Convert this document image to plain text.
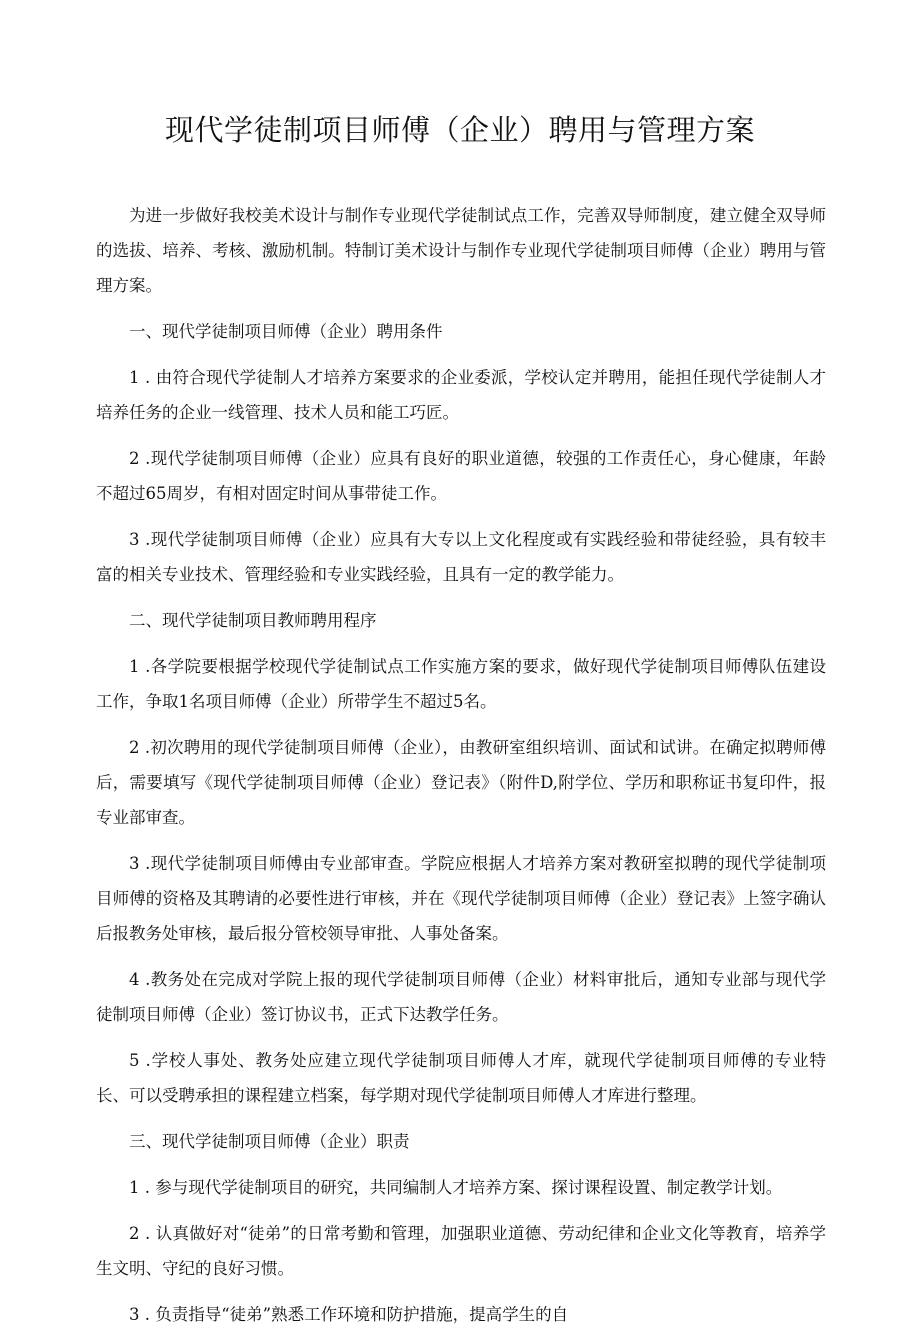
现代学徒制项目师傅（企业）聘用与管理方案

为进一步做好我校美术设计与制作专业现代学徒制试点工作，完善双导师制度，建立健全双导师的选拔、培养、考核、激励机制。特制订美术设计与制作专业现代学徒制项目师傅（企业）聘用与管理方案。

一、现代学徒制项目师傅（企业）聘用条件

1 . 由符合现代学徒制人才培养方案要求的企业委派，学校认定并聘用，能担任现代学徒制人才培养任务的企业一线管理、技术人员和能工巧匠。

2 .现代学徒制项目师傅（企业）应具有良好的职业道德，较强的工作责任心，身心健康，年龄不超过65周岁，有相对固定时间从事带徒工作。

3 .现代学徒制项目师傅（企业）应具有大专以上文化程度或有实践经验和带徒经验，具有较丰富的相关专业技术、管理经验和专业实践经验，且具有一定的教学能力。

二、现代学徒制项目教师聘用程序

1 .各学院要根据学校现代学徒制试点工作实施方案的要求，做好现代学徒制项目师傅队伍建设工作，争取1名项目师傅（企业）所带学生不超过5名。

2 .初次聘用的现代学徒制项目师傅（企业），由教研室组织培训、面试和试讲。在确定拟聘师傅后，需要填写《现代学徒制项目师傅（企业）登记表》（附件D,附学位、学历和职称证书复印件，报专业部审查。

3 .现代学徒制项目师傅由专业部审查。学院应根据人才培养方案对教研室拟聘的现代学徒制项目师傅的资格及其聘请的必要性进行审核，并在《现代学徒制项目师傅（企业）登记表》上签字确认后报教务处审核，最后报分管校领导审批、人事处备案。

4 .教务处在完成对学院上报的现代学徒制项目师傅（企业）材料审批后，通知专业部与现代学徒制项目师傅（企业）签订协议书，正式下达教学任务。

5 .学校人事处、教务处应建立现代学徒制项目师傅人才库，就现代学徒制项目师傅的专业特长、可以受聘承担的课程建立档案，每学期对现代学徒制项目师傅人才库进行整理。

三、现代学徒制项目师傅（企业）职责

1 . 参与现代学徒制项目的研究，共同编制人才培养方案、探讨课程设置、制定教学计划。

2 . 认真做好对“徒弟”的日常考勤和管理，加强职业道德、劳动纪律和企业文化等教育，培养学生文明、守纪的良好习惯。

3 . 负责指导“徒弟”熟悉工作环境和防护措施，提高学生的自
